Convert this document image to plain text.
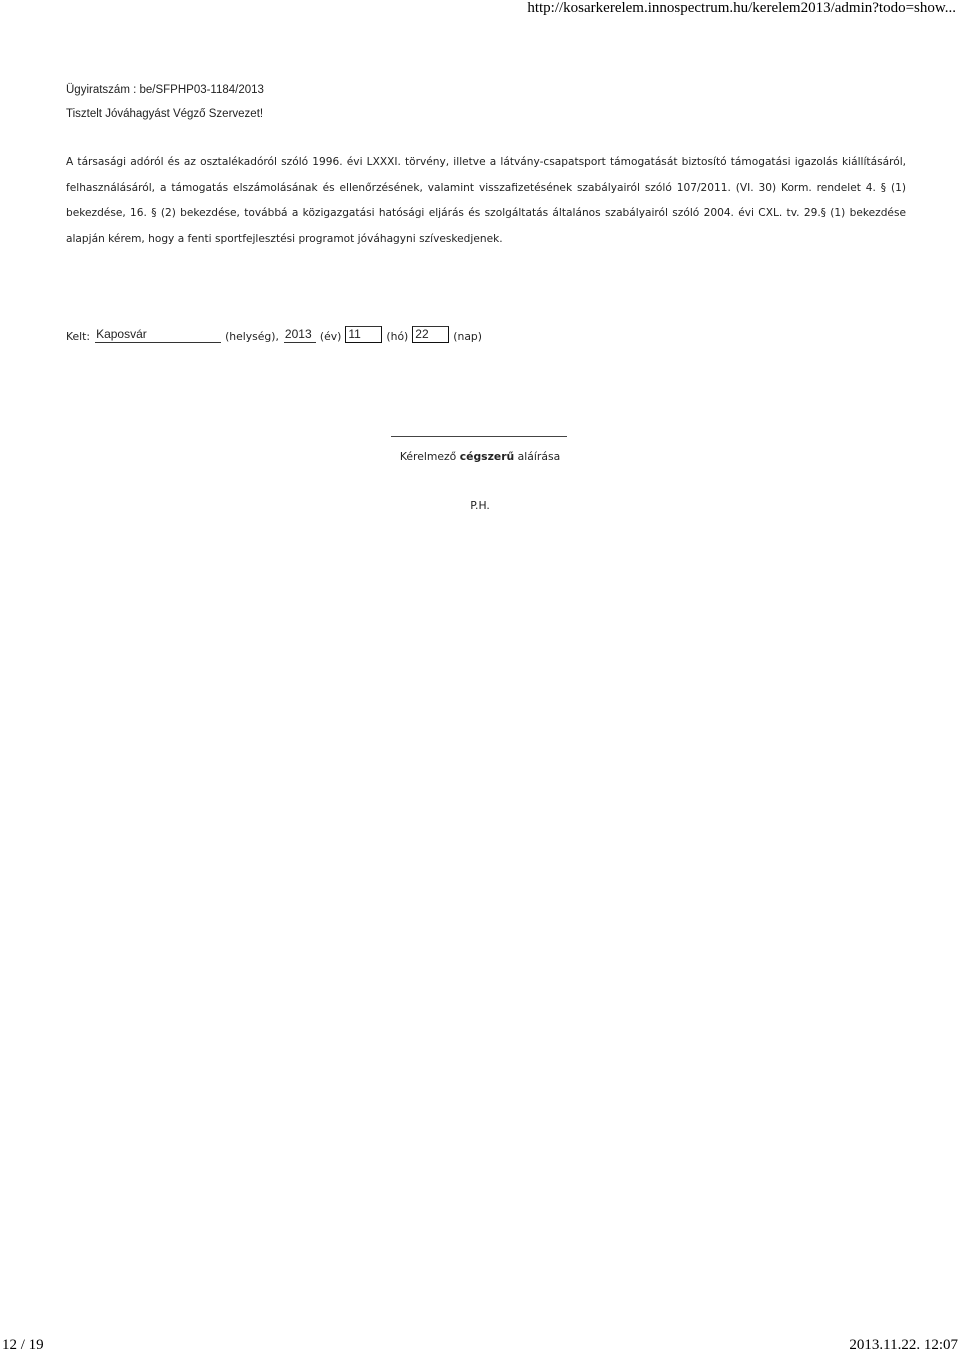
http://kosarkerelem.innospectrum.hu/kerelem2013/admin?todo=show...
Ügyiratszám : be/SFPHP03-1184/2013
Tisztelt Jóváhagyást Végző Szervezet!
A társasági adóról és az osztalékadóról szóló 1996. évi LXXXI. törvény, illetve a látvány-csapatsport támogatását biztosító támogatási igazolás kiállításáról, felhasználásáról, a támogatás elszámolásának és ellenőrzésének, valamint visszafizetésének szabályairól szóló 107/2011. (VI. 30) Korm. rendelet 4. § (1) bekezdése, 16. § (2) bekezdése, továbbá a közigazgatási hatósági eljárás és szolgáltatás általános szabályairól szóló 2004. évi CXL. tv. 29.§ (1) bekezdése alapján kérem, hogy a fenti sportfejlesztési programot jóváhagyni szíveskedjenek.
Kelt: Kaposvár	(helység), 2013 (év) 11	(hó) 22	(nap)
Kérelmező cégszerű aláírása
P.H.
12 / 19	2013.11.22. 12:07
